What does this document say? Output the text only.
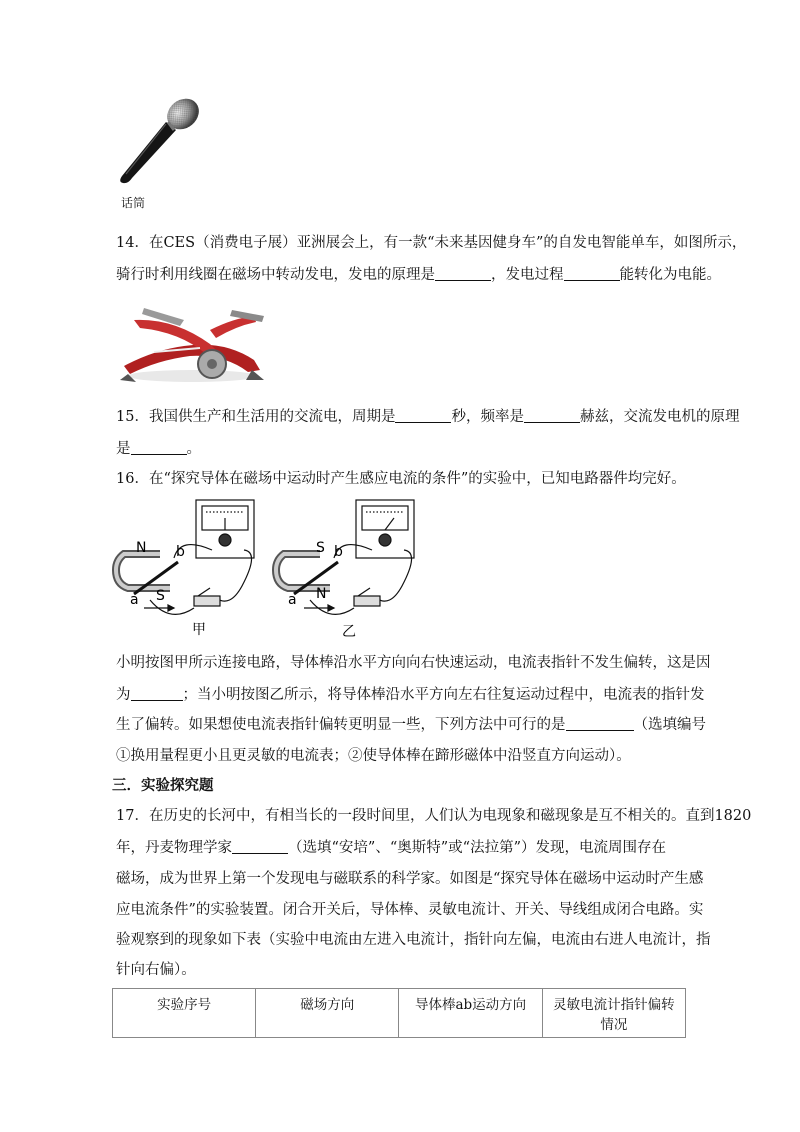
话筒
14．在CES（消费电子展）亚洲展会上，有一款“未来基因健身车”的自发电智能单车，如图所示，
骑行时利用线圈在磁场中转动发电，发电的原理是	，发电过程	能转化为电能。
15．我国供生产和生活用的交流电，周期是	秒，频率是	赫兹，交流发电机的原理
是	。
16．在“探究导体在磁场中运动时产生感应电流的条件”的实验中，已知电路器件均完好。
N b
a S
甲
S b
a N
乙
小明按图甲所示连接电路，导体棒沿水平方向向右快速运动，电流表指针不发生偏转，这是因
为	；当小明按图乙所示，将导体棒沿水平方向左右往复运动过程中，电流表的指针发
生了偏转。如果想使电流表指针偏转更明显一些，下列方法中可行的是	（选填编号
①换用量程更小且更灵敏的电流表；②使导体棒在蹄形磁体中沿竖直方向运动）。
三．实验探究题
17．在历史的长河中，有相当长的一段时间里，人们认为电现象和磁现象是互不相关的。直到1820
年，丹麦物理学家	（选填“安培”、“奥斯特”或“法拉第”）发现，电流周围存在
磁场，成为世界上第一个发现电与磁联系的科学家。如图是“探究导体在磁场中运动时产生感
应电流条件”的实验装置。闭合开关后，导体棒、灵敏电流计、开关、导线组成闭合电路。实
验观察到的现象如下表（实验中电流由左进入电流计，指针向左偏，电流由右进人电流计，指
针向右偏）。
实验序号	磁场方向	导体棒ab运动方向	灵敏电流计指针偏转
情况
